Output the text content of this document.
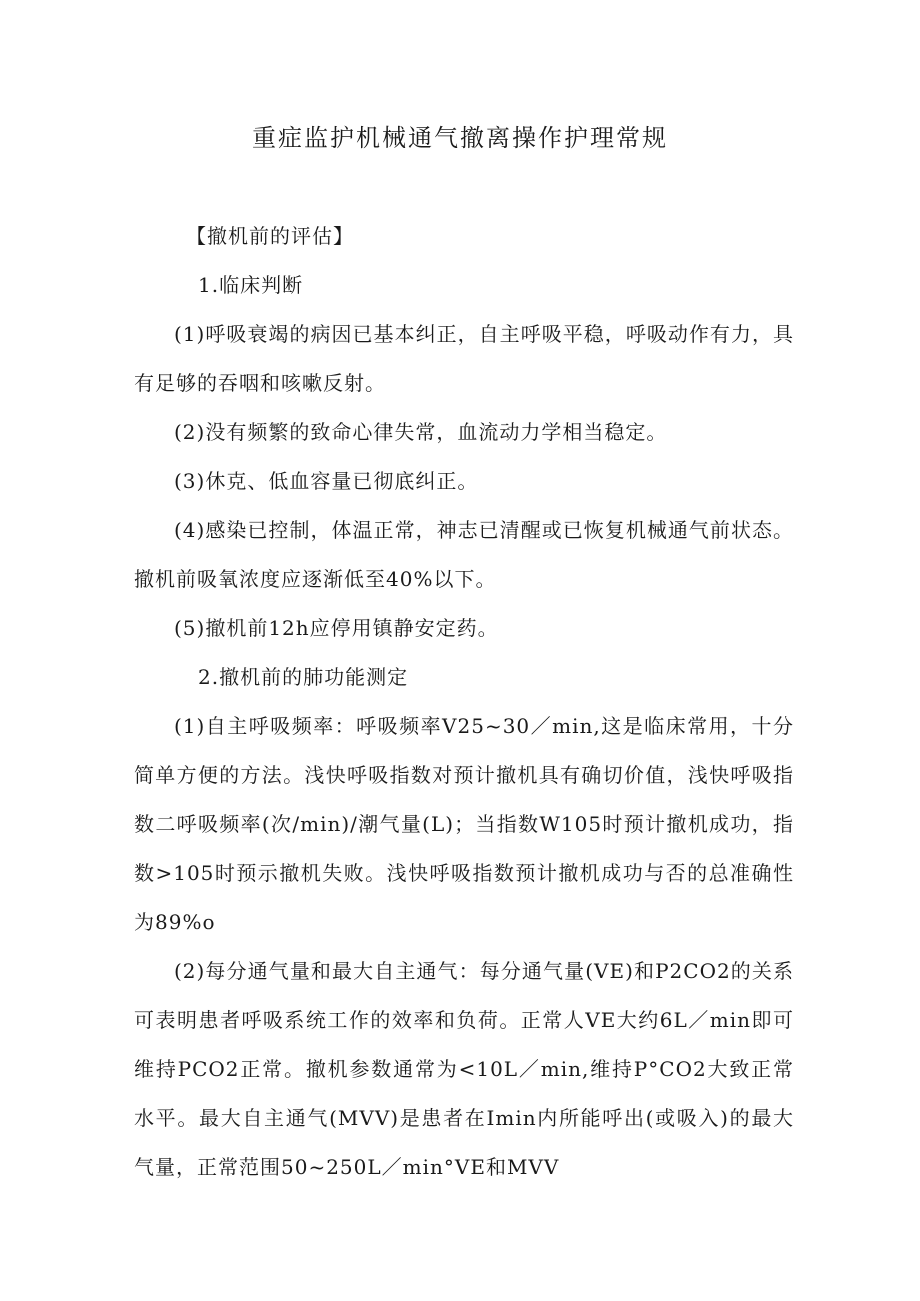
重症监护机械通气撤离操作护理常规

【撤机前的评估】

1.临床判断

(1)呼吸衰竭的病因已基本纠正，自主呼吸平稳，呼吸动作有力，具有足够的吞咽和咳嗽反射。

(2)没有频繁的致命心律失常，血流动力学相当稳定。

(3)休克、低血容量已彻底纠正。

(4)感染已控制，体温正常，神志已清醒或已恢复机械通气前状态。撤机前吸氧浓度应逐渐低至40%以下。

(5)撤机前12h应停用镇静安定药。

2.撤机前的肺功能测定

(1)自主呼吸频率：呼吸频率V25~30／min,这是临床常用，十分简单方便的方法。浅快呼吸指数对预计撤机具有确切价值，浅快呼吸指数二呼吸频率(次/min)/潮气量(L)；当指数W105时预计撤机成功，指数>105时预示撤机失败。浅快呼吸指数预计撤机成功与否的总准确性为89%o

(2)每分通气量和最大自主通气：每分通气量(VE)和P2CO2的关系可表明患者呼吸系统工作的效率和负荷。正常人VE大约6L／min即可维持PCO2正常。撤机参数通常为<10L／min,维持P°CO2大致正常水平。最大自主通气(MVV)是患者在Imin内所能呼出(或吸入)的最大气量，正常范围50~250L／min°VE和MVV
